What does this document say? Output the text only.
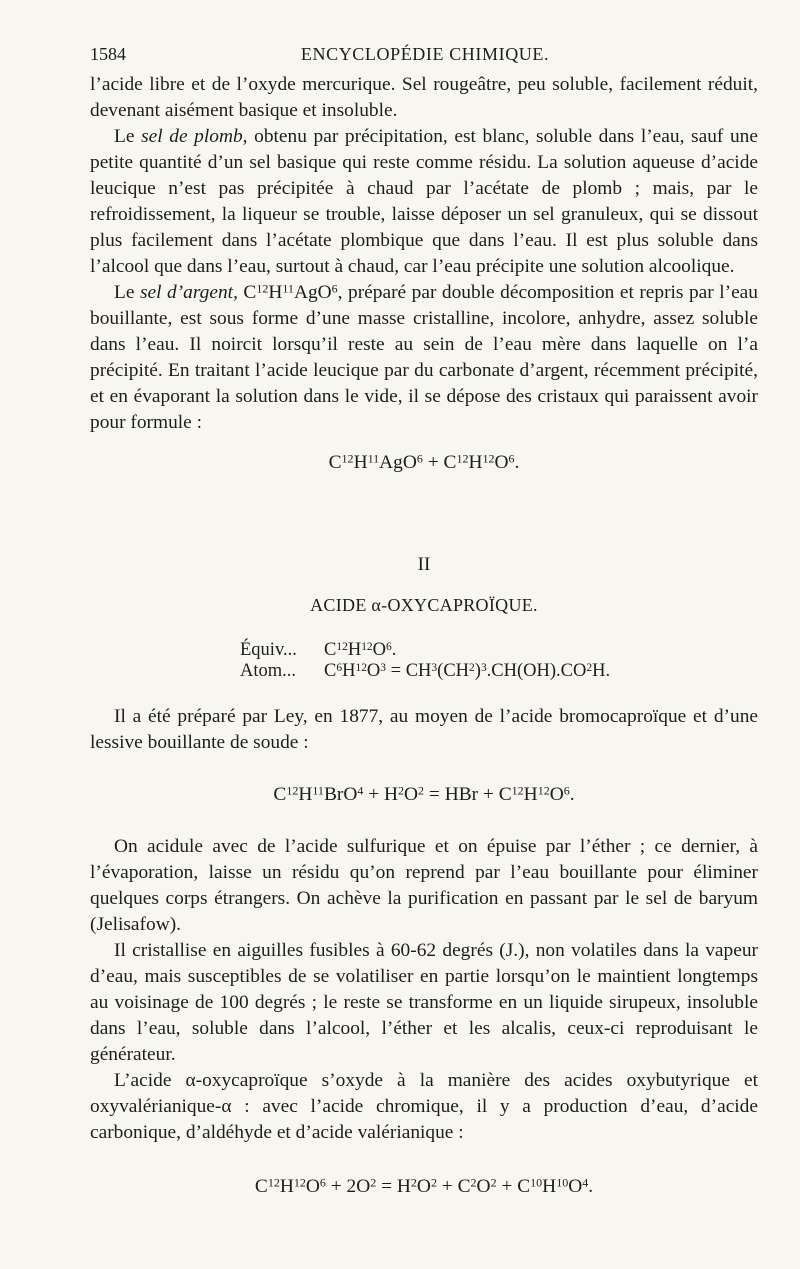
1584	ENCYCLOPÉDIE CHIMIQUE.

l’acide libre et de l’oxyde mercurique. Sel rougeâtre, peu soluble, facilement réduit, devenant aisément basique et insoluble.

Le sel de plomb, obtenu par précipitation, est blanc, soluble dans l’eau, sauf une petite quantité d’un sel basique qui reste comme résidu. La solution aqueuse d’acide leucique n’est pas précipitée à chaud par l’acétate de plomb ; mais, par le refroidissement, la liqueur se trouble, laisse déposer un sel granuleux, qui se dissout plus facilement dans l’acétate plombique que dans l’eau. Il est plus soluble dans l’alcool que dans l’eau, surtout à chaud, car l’eau précipite une solution alcoolique.

Le sel d’argent, $C^{12}H^{11}AgO^6$, préparé par double décomposition et repris par l’eau bouillante, est sous forme d’une masse cristalline, incolore, anhydre, assez soluble dans l’eau. Il noircit lorsqu’il reste au sein de l’eau mère dans laquelle on l’a précipité. En traitant l’acide leucique par du carbonate d’argent, récemment précipité, et en évaporant la solution dans le vide, il se dépose des cristaux qui paraissent avoir pour formule :

$C^{12}H^{11}AgO^6 + C^{12}H^{12}O^6$.
II
ACIDE α-OXYCAPROÏQUE.
Équiv... $C^{12}H^{12}O^6$.
Atom... $C^6H^{12}O^3 = CH^3(CH^2)^3.CH(OH).CO^2H$.

Il a été préparé par Ley, en 1877, au moyen de l’acide bromocaproïque et d’une lessive bouillante de soude :

$C^{12}H^{11}BrO^4 + H^2O^2$ = HBr + $C^{12}H^{12}O^6$.

On acidule avec de l’acide sulfurique et on épuise par l’éther ; ce dernier, à l’évaporation, laisse un résidu qu’on reprend par l’eau bouillante pour éliminer quelques corps étrangers. On achève la purification en passant par le sel de baryum (Jelisafow).

Il cristallise en aiguilles fusibles à 60-62 degrés (J.), non volatiles dans la vapeur d’eau, mais susceptibles de se volatiliser en partie lorsqu’on le maintient longtemps au voisinage de 100 degrés ; le reste se transforme en un liquide sirupeux, insoluble dans l’eau, soluble dans l’alcool, l’éther et les alcalis, ceux-ci reproduisant le générateur.

L’acide α-oxycaproïque s’oxyde à la manière des acides oxybutyrique et oxyvalérianique-α : avec l’acide chromique, il y a production d’eau, d’acide carbonique, d’aldéhyde et d’acide valérianique :

$C^{12}H^{12}O^6 + 2O^2 = H^2O^2 + C^2O^2 + C^{10}H^{10}O^4$.
